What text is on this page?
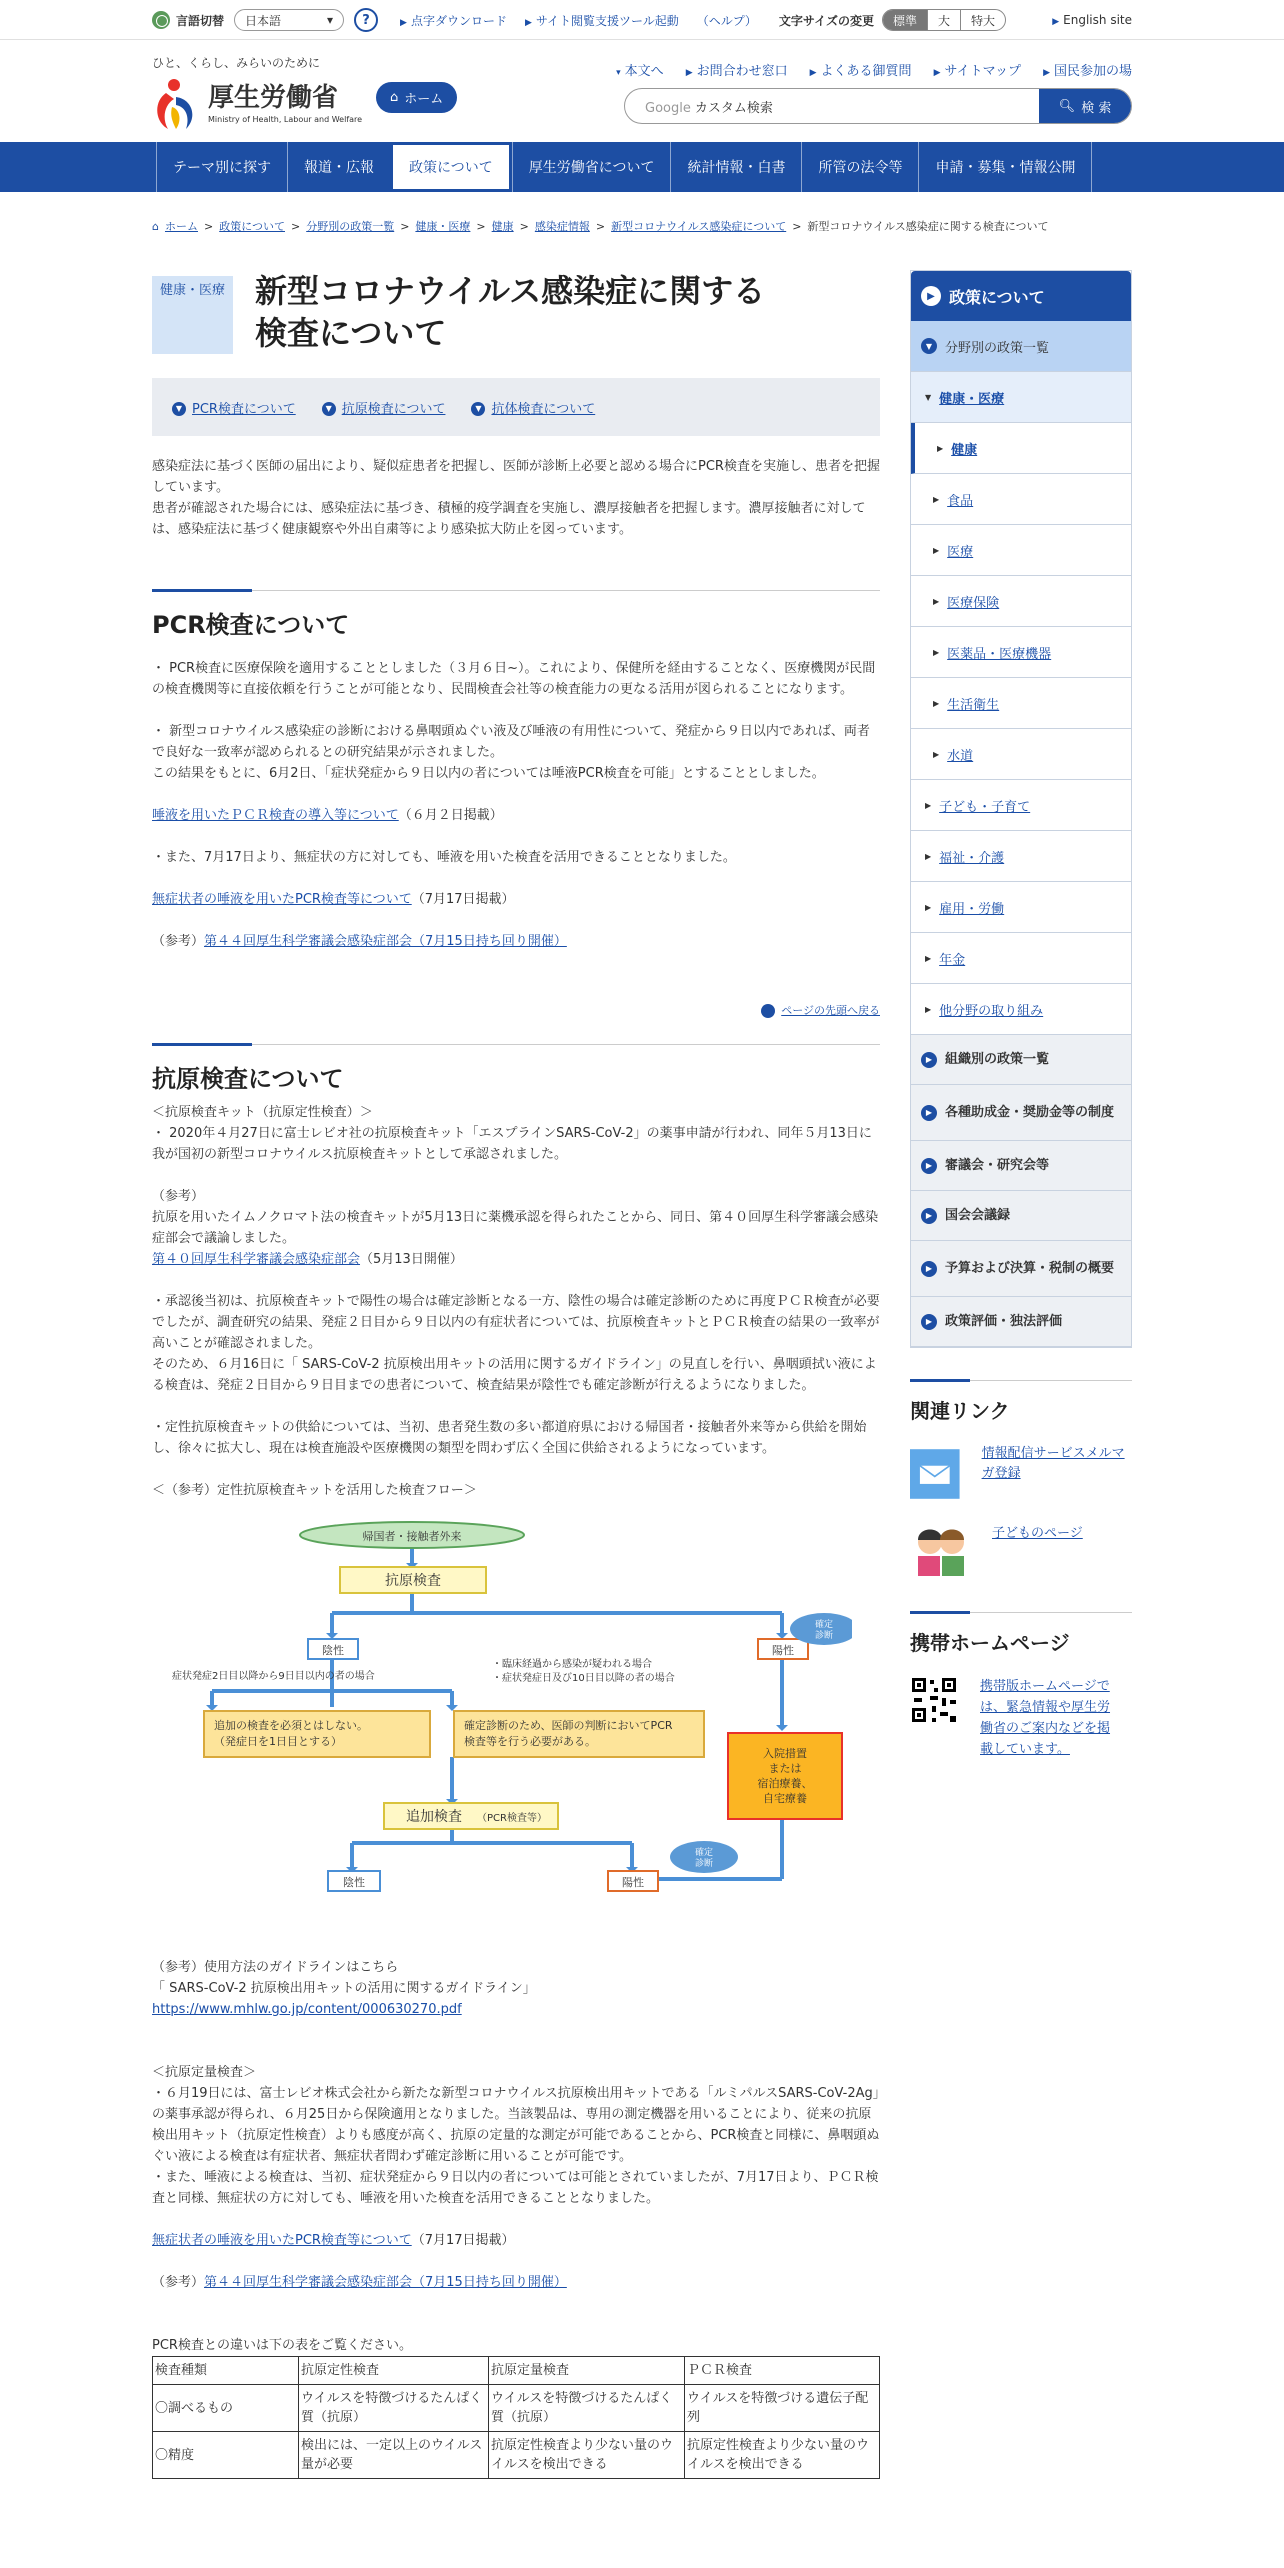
言語切替 日本語	▾	?	▶ 点字ダウンロード ▶ サイト閲覧支援ツール起動 （ヘルプ） 文字サイズの変更	標準	大	特大	▶ English site
ひと、くらし、みらいのために
厚生労働省
Ministry of Health, Labour and Welfare
⌂ ホーム
▾ 本文へ ▶ お問合わせ窓口 ▶ よくある御質問 ▶ サイトマップ ▶ 国民参加の場
Google カスタム検索	🔍︎ 検 索
テーマ別に探す	報道・広報	政策について	厚生労働省について	統計情報・白書	所管の法令等	申請・募集・情報公開
⌂ ホーム > 政策について > 分野別の政策一覧 > 健康・医療 > 健康 > 感染症情報 > 新型コロナウイルス感染症について > 新型コロナウイルス感染症に関する検査について
健康・医療 新型コロナウイルス感染症に関する
検査について
▼ PCR検査について	▼ 抗原検査について	▼ 抗体検査について

感染症法に基づく医師の届出により、疑似症患者を把握し、医師が診断上必要と認める場合にPCR検査を実施し、患者を把握しています。

患者が確認された場合には、感染症法に基づき、積極的疫学調査を実施し、濃厚接触者を把握します。濃厚接触者に対しては、感染症法に基づく健康観察や外出自粛等により感染拡大防止を図っています。

PCR検査について

・ PCR検査に医療保険を適用することとしました（３月６日~）。これにより、保健所を経由することなく、医療機関が民間の検査機関等に直接依頼を行うことが可能となり、民間検査会社等の検査能力の更なる活用が図られることになります。

・ 新型コロナウイルス感染症の診断における鼻咽頭ぬぐい液及び唾液の有用性について、発症から９日以内であれば、両者で良好な一致率が認められるとの研究結果が示されました。

この結果をもとに、6月2日、「症状発症から９日以内の者については唾液PCR検査を可能」とすることとしました。

唾液を用いたＰＣＲ検査の導入等について（６月２日掲載）

・また、7月17日より、無症状の方に対しても、唾液を用いた検査を活用できることとなりました。

無症状者の唾液を用いたPCR検査等について（7月17日掲載）

（参考）第４４回厚生科学審議会感染症部会（7月15日持ち回り開催）

ページの先頭へ戻る
抗原検査について

＜抗原検査キット（抗原定性検査）＞

・ 2020年４月27日に富士レビオ社の抗原検査キット「エスプラインSARS-CoV-2」の薬事申請が行われ、同年５月13日に我が国初の新型コロナウイルス抗原検査キットとして承認されました。

（参考）

抗原を用いたイムノクロマト法の検査キットが5月13日に薬機承認を得られたことから、同日、第４０回厚生科学審議会感染症部会で議論しました。

第４０回厚生科学審議会感染症部会（5月13日開催）

・承認後当初は、抗原検査キットで陽性の場合は確定診断となる一方、陰性の場合は確定診断のために再度ＰＣＲ検査が必要でしたが、調査研究の結果、発症２日目から９日以内の有症状者については、抗原検査キットとＰＣＲ検査の結果の一致率が高いことが確認されました。

そのため、６月16日に「 SARS-CoV-2 抗原検出用キットの活用に関するガイドライン」の見直しを行い、鼻咽頭拭い液による検査は、発症２日目から９日目までの患者について、検査結果が陰性でも確定診断が行えるようになりました。

・定性抗原検査キットの供給については、当初、患者発生数の多い都道府県における帰国者・接触者外来等から供給を開始し、徐々に拡大し、現在は検査施設や医療機関の類型を問わず広く全国に供給されるようになっています。

＜（参考）定性抗原検査キットを活用した検査フロー＞

帰国者・接触者外来
抗原検査
陰性	陽性
確定
診断
症状発症2日目以降から9日目以内の者の場合
・臨床経過から感染が疑われる場合
・症状発症日及び10日目以降の者の場合
追加の検査を必須とはしない。
（発症日を1日目とする）
確定診断のため、医師の判断においてPCR
検査等を行う必要がある。
入院措置
または
宿泊療養、
自宅療養
追加検査 （PCR検査等）
確定
診断
陰性	陽性

（参考）使用方法のガイドラインはこちら

「 SARS-CoV-2 抗原検出用キットの活用に関するガイドライン」

https://www.mhlw.go.jp/content/000630270.pdf

＜抗原定量検査＞

・６月19日には、富士レビオ株式会社から新たな新型コロナウイルス抗原検出用キットである「ルミパルスSARS-CoV-2Ag」の薬事承認が得られ、６月25日から保険適用となりました。当該製品は、専用の測定機器を用いることにより、従来の抗原検出用キット（抗原定性検査）よりも感度が高く、抗原の定量的な測定が可能であることから、PCR検査と同様に、鼻咽頭ぬぐい液による検査は有症状者、無症状者問わず確定診断に用いることが可能です。

・また、唾液による検査は、当初、症状発症から９日以内の者については可能とされていましたが、7月17日より、ＰＣＲ検査と同様、無症状の方に対しても、唾液を用いた検査を活用できることとなりました。

無症状者の唾液を用いたPCR検査等について（7月17日掲載）

（参考）第４４回厚生科学審議会感染症部会（7月15日持ち回り開催）

PCR検査との違いは下の表をご覧ください。

検査種類	抗原定性検査	抗原定量検査	ＰＣＲ検査
〇調べるもの	ウイルスを特徴づけるたんぱく質（抗原）	ウイルスを特徴づけるたんぱく質（抗原）	ウイルスを特徴づける遺伝子配列
〇精度	検出には、一定以上のウイルス量が必要	抗原定性検査より少ない量のウイルスを検出できる	抗原定性検査より少ない量のウイルスを検出できる
▶ 政策について
▼ 分野別の政策一覧
▼ 健康・医療
▶ 健康
▶ 食品
▶ 医療
▶ 医療保険
▶ 医薬品・医療機器
▶ 生活衛生
▶ 水道
▶ 子ども・子育て
▶ 福祉・介護
▶ 雇用・労働
▶ 年金
▶ 他分野の取り組み
▶ 組織別の政策一覧
▶ 各種助成金・奨励金等の制度
▶ 審議会・研究会等
▶ 国会会議録
▶ 予算および決算・税制の概要
▶ 政策評価・独法評価
関連リンク
情報配信サービスメルマガ登録
子どものページ
携帯ホームページ
携帯版ホームページでは、緊急情報や厚生労働省のご案内などを掲載しています。
